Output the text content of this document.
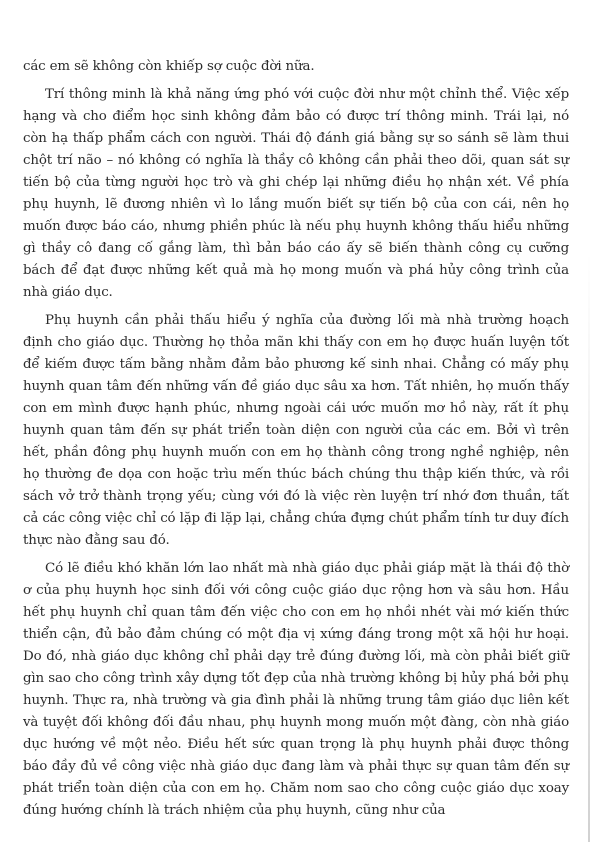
các em sẽ không còn khiếp sợ cuộc đời nữa.

Trí thông minh là khả năng ứng phó với cuộc đời như một chỉnh thể. Việc xếp hạng và cho điểm học sinh không đảm bảo có được trí thông minh. Trái lại, nó còn hạ thấp phẩm cách con người. Thái độ đánh giá bằng sự so sánh sẽ làm thui chột trí não – nó không có nghĩa là thầy cô không cần phải theo dõi, quan sát sự tiến bộ của từng người học trò và ghi chép lại những điều họ nhận xét. Về phía phụ huynh, lẽ đương nhiên vì lo lắng muốn biết sự tiến bộ của con cái, nên họ muốn được báo cáo, nhưng phiền phúc là nếu phụ huynh không thấu hiểu những gì thầy cô đang cố gắng làm, thì bản báo cáo ấy sẽ biến thành công cụ cưỡng bách để đạt được những kết quả mà họ mong muốn và phá hủy công trình của nhà giáo dục.

Phụ huynh cần phải thấu hiểu ý nghĩa của đường lối mà nhà trường hoạch định cho giáo dục. Thường họ thỏa mãn khi thấy con em họ được huấn luyện tốt để kiếm được tấm bằng nhằm đảm bảo phương kế sinh nhai. Chẳng có mấy phụ huynh quan tâm đến những vấn đề giáo dục sâu xa hơn. Tất nhiên, họ muốn thấy con em mình được hạnh phúc, nhưng ngoài cái ước muốn mơ hồ này, rất ít phụ huynh quan tâm đến sự phát triển toàn diện con người của các em. Bởi vì trên hết, phần đông phụ huynh muốn con em họ thành công trong nghề nghiệp, nên họ thường đe dọa con hoặc trìu mến thúc bách chúng thu thập kiến thức, và rồi sách vở trở thành trọng yếu; cùng với đó là việc rèn luyện trí nhớ đơn thuần, tất cả các công việc chỉ có lặp đi lặp lại, chẳng chứa đựng chút phẩm tính tư duy đích thực nào đằng sau đó.

Có lẽ điều khó khăn lớn lao nhất mà nhà giáo dục phải giáp mặt là thái độ thờ ơ của phụ huynh học sinh đối với công cuộc giáo dục rộng hơn và sâu hơn. Hầu hết phụ huynh chỉ quan tâm đến việc cho con em họ nhồi nhét vài mớ kiến thức thiển cận, đủ bảo đảm chúng có một địa vị xứng đáng trong một xã hội hư hoại. Do đó, nhà giáo dục không chỉ phải dạy trẻ đúng đường lối, mà còn phải biết giữ gìn sao cho công trình xây dựng tốt đẹp của nhà trường không bị hủy phá bởi phụ huynh. Thực ra, nhà trường và gia đình phải là những trung tâm giáo dục liên kết và tuyệt đối không đối đầu nhau, phụ huynh mong muốn một đàng, còn nhà giáo dục hướng về một nẻo. Điều hết sức quan trọng là phụ huynh phải được thông báo đầy đủ về công việc nhà giáo dục đang làm và phải thực sự quan tâm đến sự phát triển toàn diện của con em họ. Chăm nom sao cho công cuộc giáo dục xoay đúng hướng chính là trách nhiệm của phụ huynh, cũng như của
